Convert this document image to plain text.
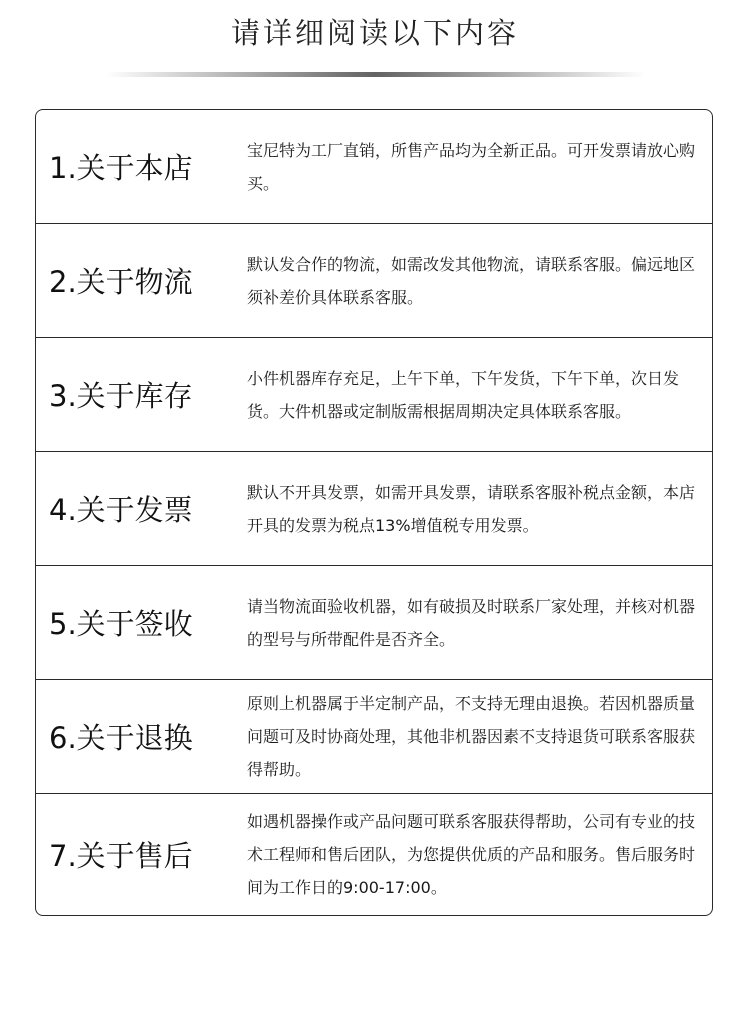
请详细阅读以下内容
1.关于本店
宝尼特为工厂直销，所售产品均为全新正品。可开发票请放心购买。
2.关于物流
默认发合作的物流，如需改发其他物流，请联系客服。偏远地区须补差价具体联系客服。
3.关于库存
小件机器库存充足，上午下单，下午发货，下午下单，次日发货。大件机器或定制版需根据周期决定具体联系客服。
4.关于发票
默认不开具发票，如需开具发票，请联系客服补税点金额，本店开具的发票为税点13%增值税专用发票。
5.关于签收
请当物流面验收机器，如有破损及时联系厂家处理，并核对机器的型号与所带配件是否齐全。
6.关于退换
原则上机器属于半定制产品，不支持无理由退换。若因机器质量问题可及时协商处理，其他非机器因素不支持退货可联系客服获得帮助。
7.关于售后
如遇机器操作或产品问题可联系客服获得帮助，公司有专业的技术工程师和售后团队，为您提供优质的产品和服务。售后服务时间为工作日的9:00-17:00。
